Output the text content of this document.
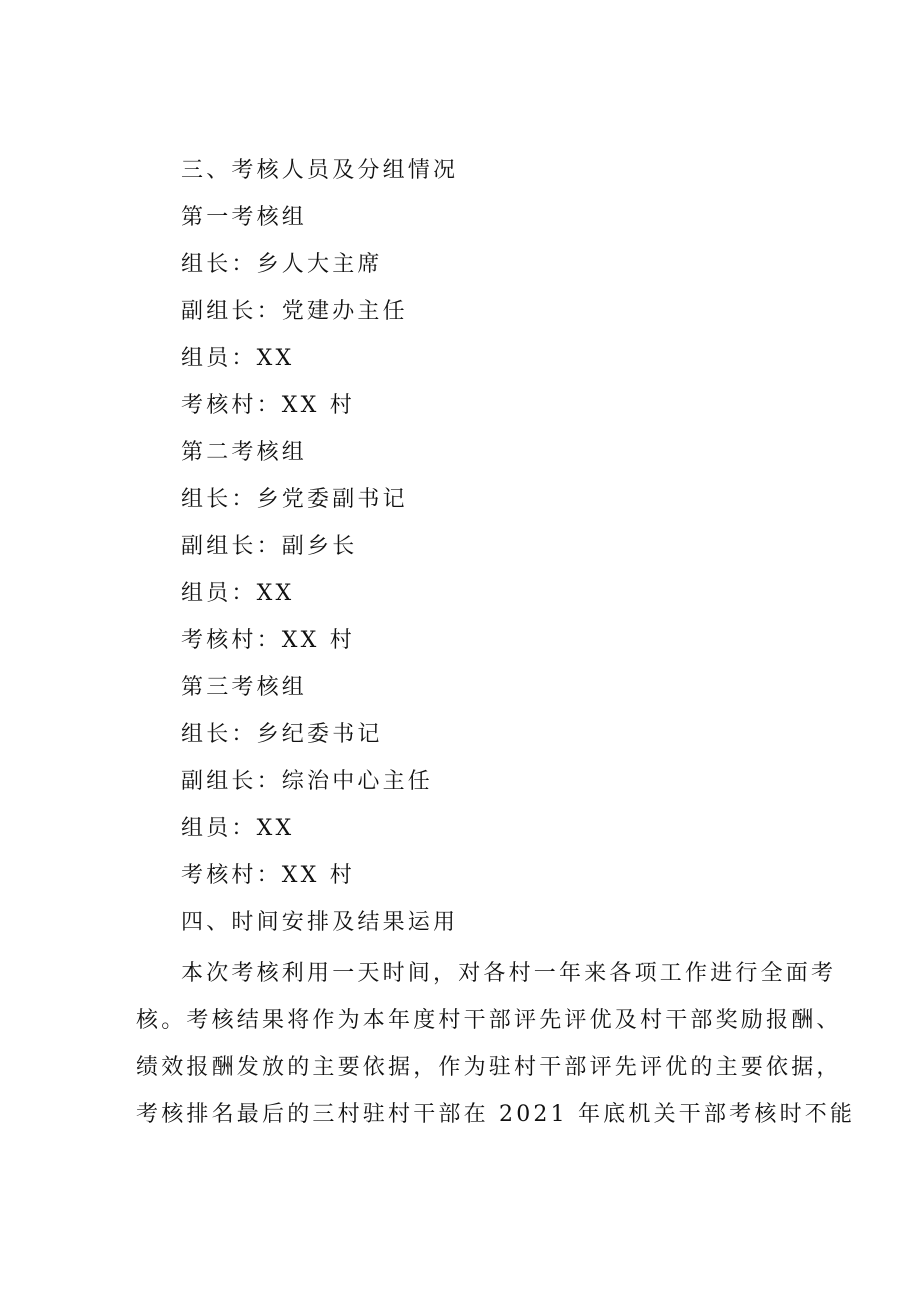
三、考核人员及分组情况
第一考核组
组长：乡人大主席
副组长：党建办主任
组员：XX
考核村：XX 村
第二考核组
组长：乡党委副书记
副组长：副乡长
组员：XX
考核村：XX 村
第三考核组
组长：乡纪委书记
副组长：综治中心主任
组员：XX
考核村：XX 村
四、时间安排及结果运用
本次考核利用一天时间，对各村一年来各项工作进行全面考
核。考核结果将作为本年度村干部评先评优及村干部奖励报酬、
绩效报酬发放的主要依据，作为驻村干部评先评优的主要依据，
考核排名最后的三村驻村干部在 2021 年底机关干部考核时不能
